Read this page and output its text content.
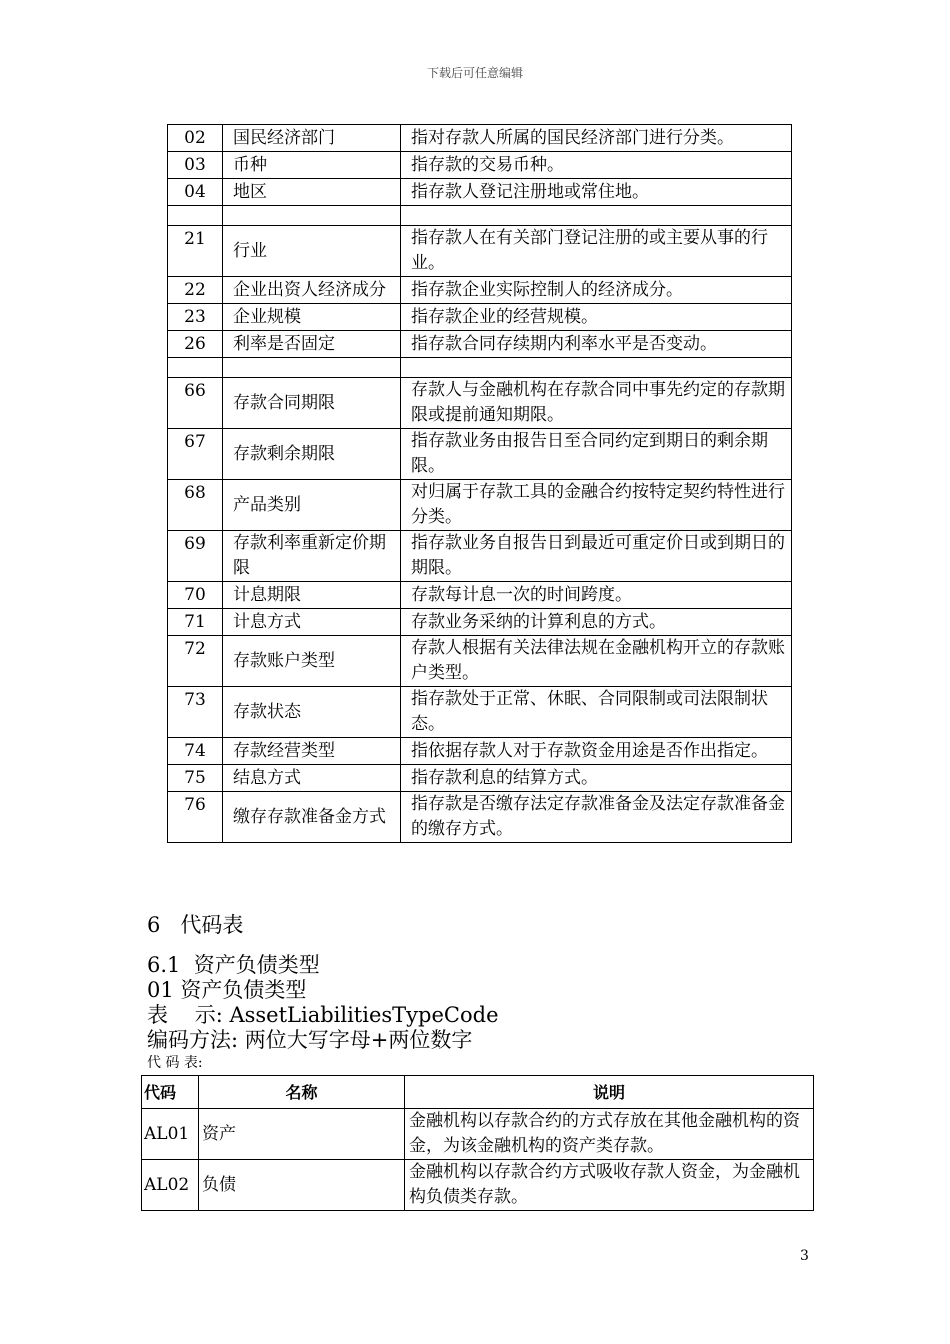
下载后可任意编辑
02	国民经济部门	指对存款人所属的国民经济部门进行分类。
03	币种	指存款的交易币种。
04	地区	指存款人登记注册地或常住地。

21	行业	指存款人在有关部门登记注册的或主要从事的行业。
22	企业出资人经济成分	指存款企业实际控制人的经济成分。
23	企业规模	指存款企业的经营规模。
26	利率是否固定	指存款合同存续期内利率水平是否变动。

66	存款合同期限	存款人与金融机构在存款合同中事先约定的存款期限或提前通知期限。
67	存款剩余期限	指存款业务由报告日至合同约定到期日的剩余期限。
68	产品类别	对归属于存款工具的金融合约按特定契约特性进行分类。
69	存款利率重新定价期限	指存款业务自报告日到最近可重定价日或到期日的期限。
70	计息期限	存款每计息一次的时间跨度。
71	计息方式	存款业务采纳的计算利息的方式。
72	存款账户类型	存款人根据有关法律法规在金融机构开立的存款账户类型。
73	存款状态	指存款处于正常、休眠、合同限制或司法限制状态。
74	存款经营类型	指依据存款人对于存款资金用途是否作出指定。
75	结息方式	指存款利息的结算方式。
76	缴存存款准备金方式	指存款是否缴存法定存款准备金及法定存款准备金的缴存方式。
6   代码表
6.1  资产负债类型
01 资产负债类型
表    示: AssetLiabilitiesTypeCode
编码方法: 两位大写字母+两位数字
代 码 表:
代码	名称	说明
AL01	资产	金融机构以存款合约的方式存放在其他金融机构的资金，为该金融机构的资产类存款。
AL02	负债	金融机构以存款合约方式吸收存款人资金，为金融机构负债类存款。
3
